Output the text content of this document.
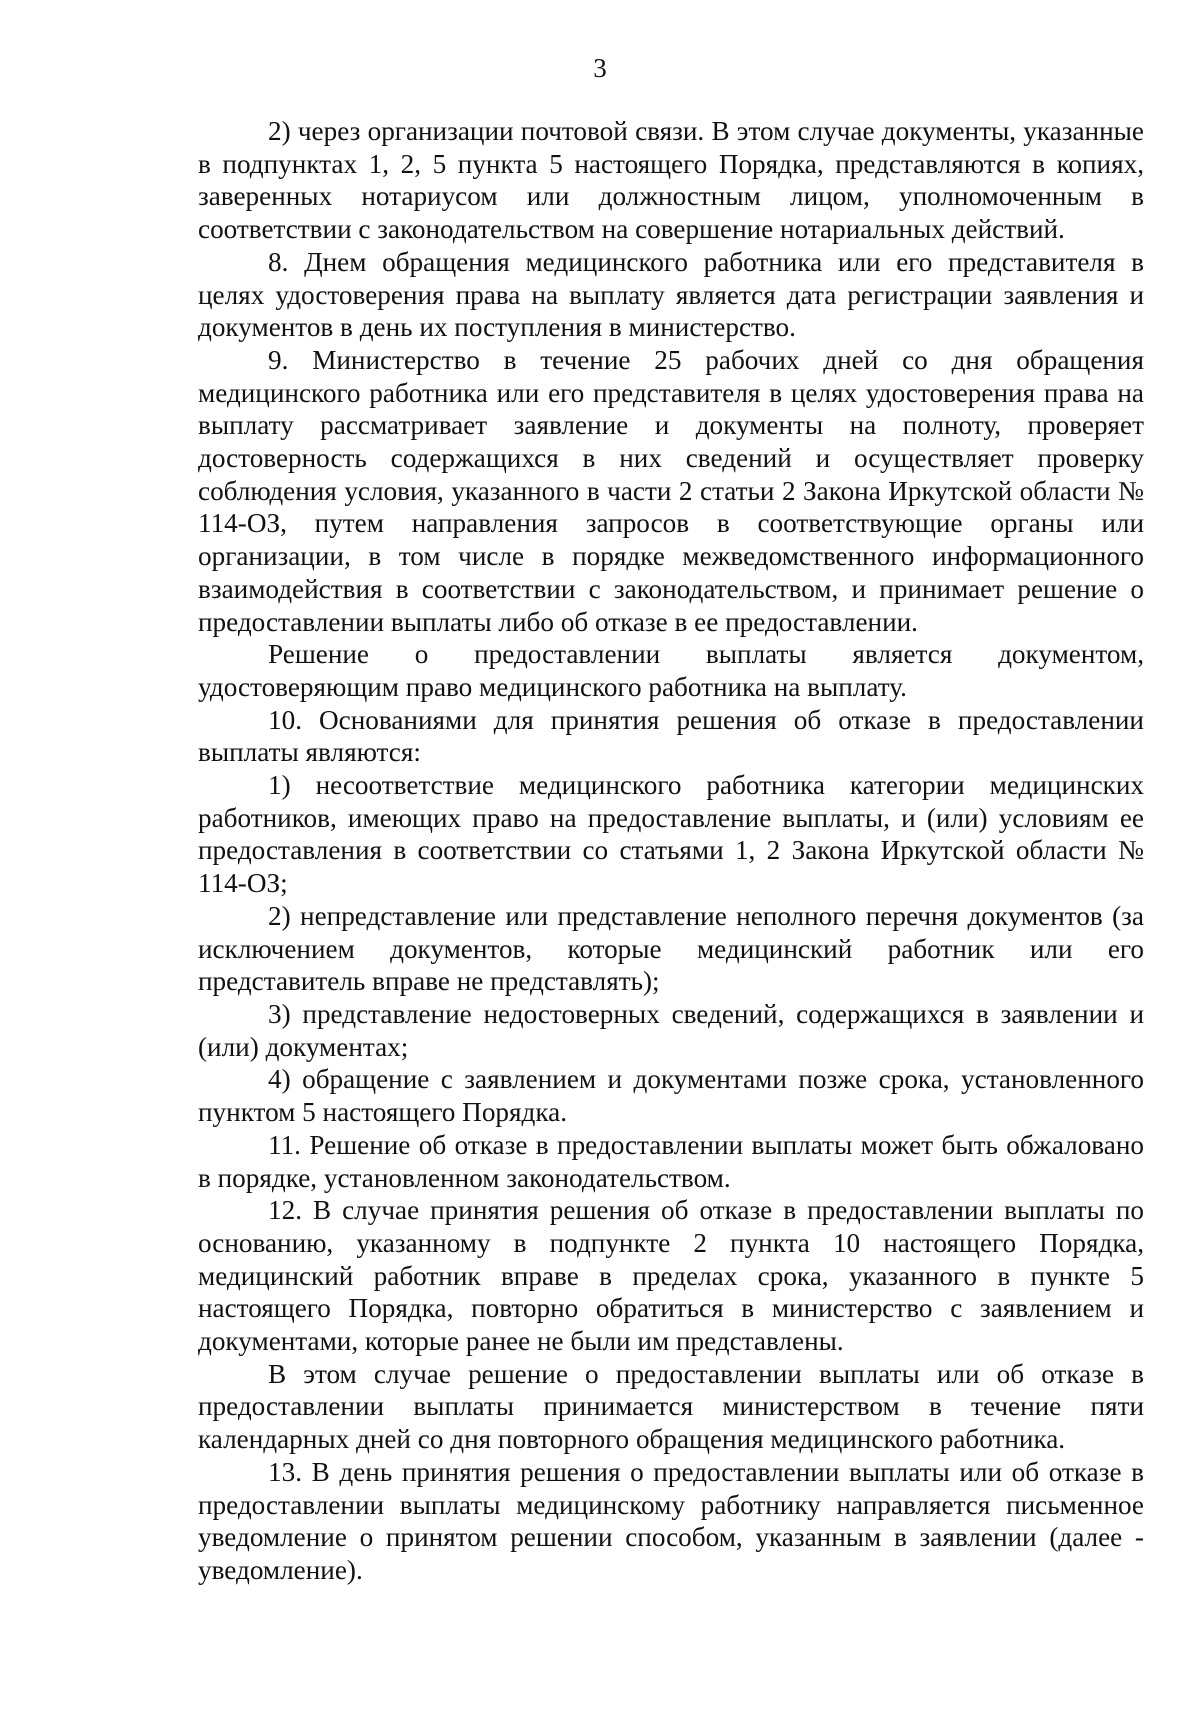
3

2) через организации почтовой связи. В этом случае документы, указанные в подпунктах 1, 2, 5 пункта 5 настоящего Порядка, представляются в копиях, заверенных нотариусом или должностным лицом, уполномоченным в соответствии с законодательством на совершение нотариальных действий.

8. Днем обращения медицинского работника или его представителя в целях удостоверения права на выплату является дата регистрации заявления и документов в день их поступления в министерство.

9. Министерство в течение 25 рабочих дней со дня обращения медицинского работника или его представителя в целях удостоверения права на выплату рассматривает заявление и документы на полноту, проверяет достоверность содержащихся в них сведений и осуществляет проверку соблюдения условия, указанного в части 2 статьи 2 Закона Иркутской области № 114-ОЗ, путем направления запросов в соответствующие органы или организации, в том числе в порядке межведомственного информационного взаимодействия в соответствии с законодательством, и принимает решение о предоставлении выплаты либо об отказе в ее предоставлении.

Решение о предоставлении выплаты является документом, удостоверяющим право медицинского работника на выплату.

10. Основаниями для принятия решения об отказе в предоставлении выплаты являются:

1) несоответствие медицинского работника категории медицинских работников, имеющих право на предоставление выплаты, и (или) условиям ее предоставления в соответствии со статьями 1, 2 Закона Иркутской области № 114-ОЗ;

2) непредставление или представление неполного перечня документов (за исключением документов, которые медицинский работник или его представитель вправе не представлять);

3) представление недостоверных сведений, содержащихся в заявлении и (или) документах;

4) обращение с заявлением и документами позже срока, установленного пунктом 5 настоящего Порядка.

11. Решение об отказе в предоставлении выплаты может быть обжаловано в порядке, установленном законодательством.

12. В случае принятия решения об отказе в предоставлении выплаты по основанию, указанному в подпункте 2 пункта 10 настоящего Порядка, медицинский работник вправе в пределах срока, указанного в пункте 5 настоящего Порядка, повторно обратиться в министерство с заявлением и документами, которые ранее не были им представлены.

В этом случае решение о предоставлении выплаты или об отказе в предоставлении выплаты принимается министерством в течение пяти календарных дней со дня повторного обращения медицинского работника.

13. В день принятия решения о предоставлении выплаты или об отказе в предоставлении выплаты медицинскому работнику направляется письменное уведомление о принятом решении способом, указанным в заявлении (далее - уведомление).
